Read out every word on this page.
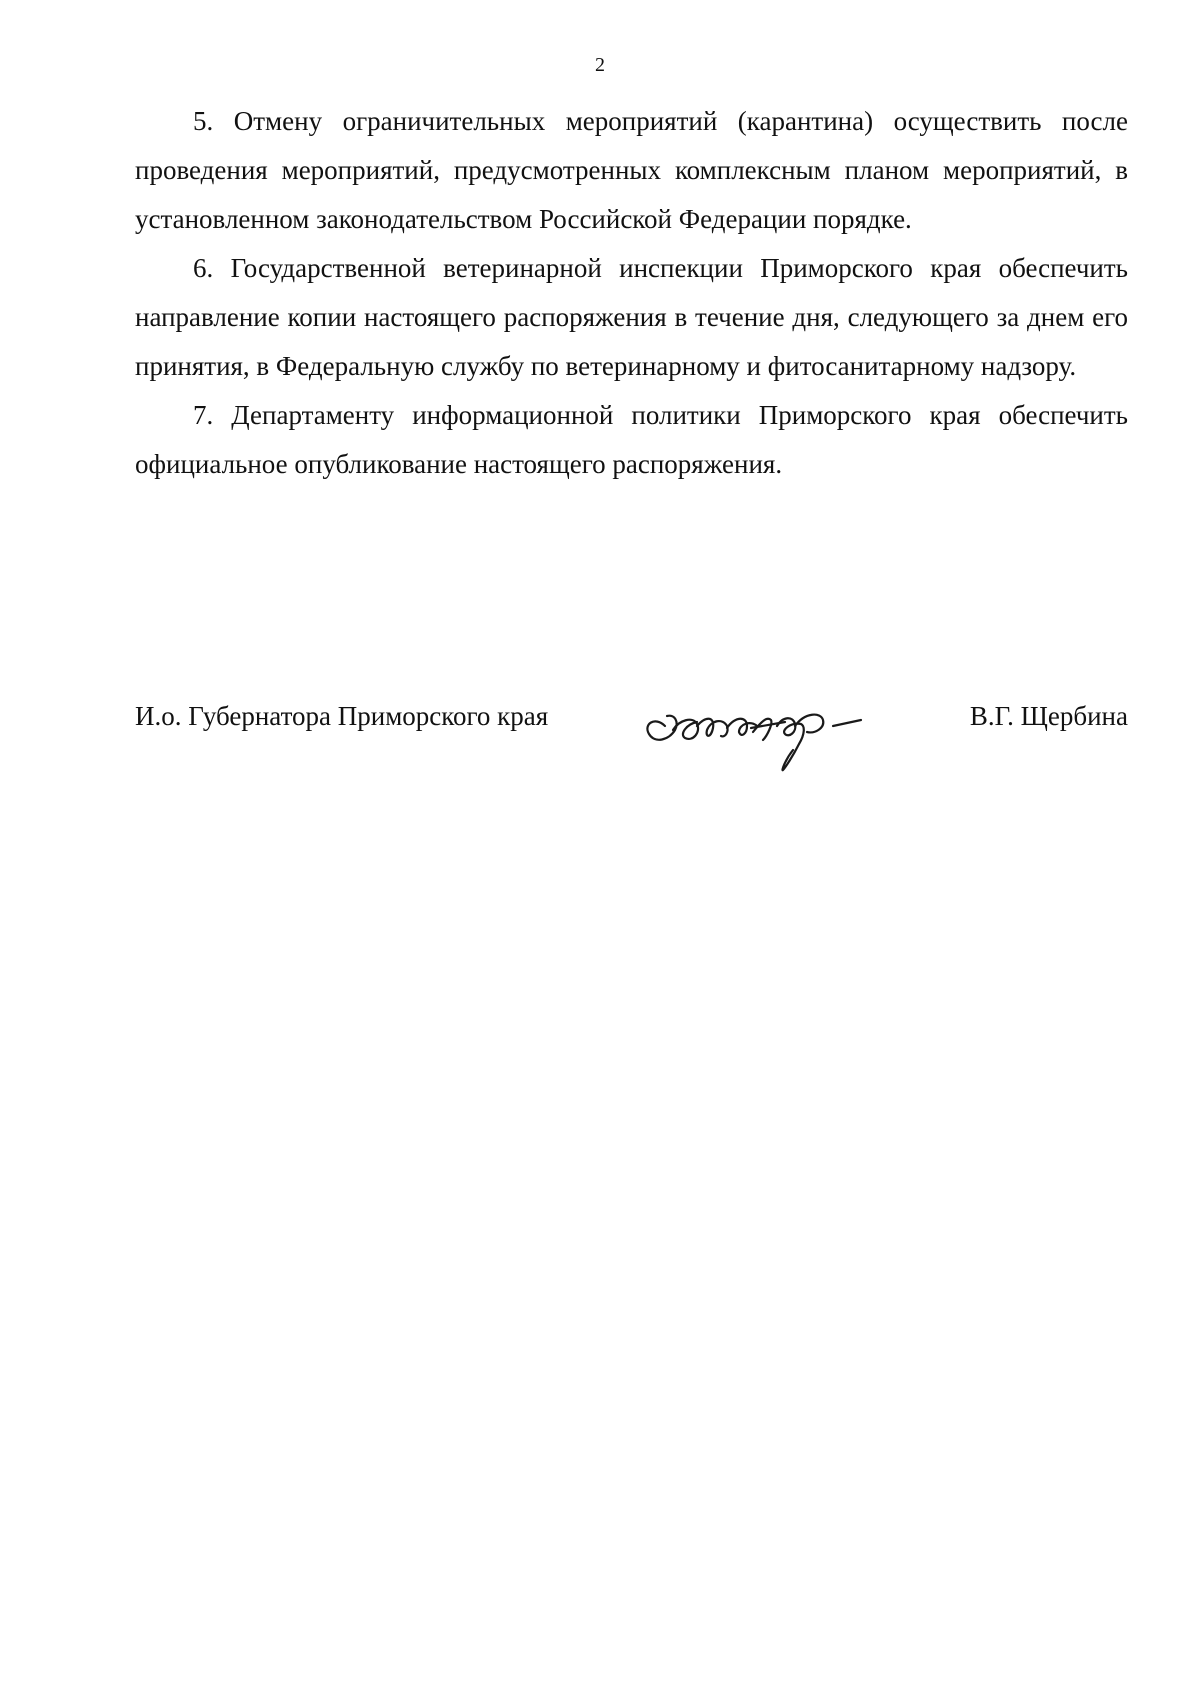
2

5. Отмену ограничительных мероприятий (карантина) осуществить после проведения мероприятий, предусмотренных комплексным планом мероприятий, в установленном законодательством Российской Федерации порядке.

6. Государственной ветеринарной инспекции Приморского края обеспечить направление копии настоящего распоряжения в течение дня, следующего за днем его принятия, в Федеральную службу по ветеринарному и фитосанитарному надзору.

7. Департаменту информационной политики Приморского края обеспечить официальное опубликование настоящего распоряжения.

И.о. Губернатора Приморского края	В.Г. Щербина
